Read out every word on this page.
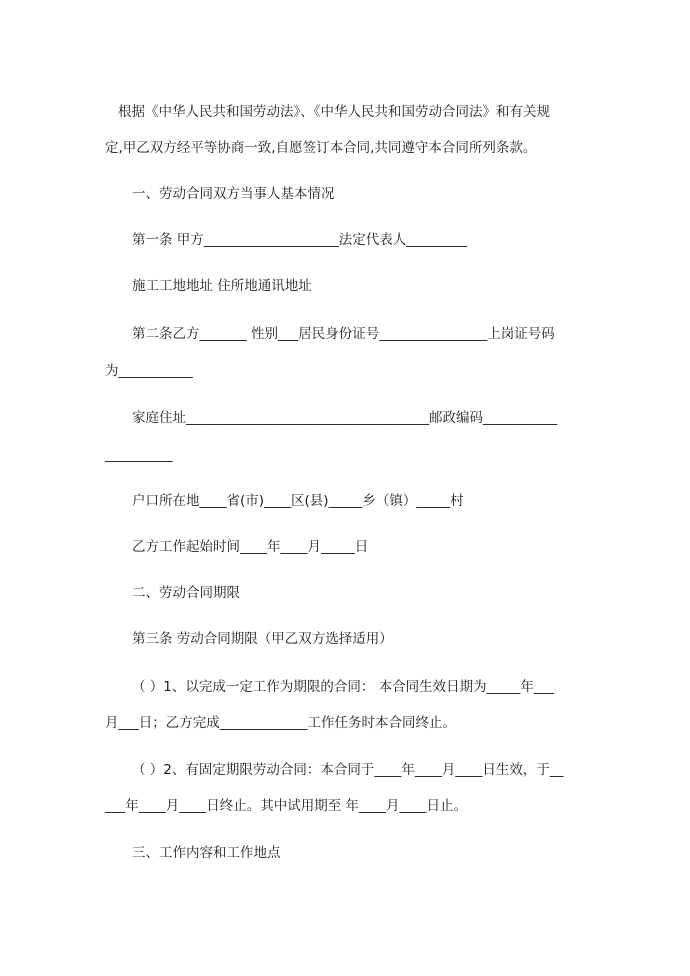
根据《中华人民共和国劳动法》、《中华人民共和国劳动合同法》和有关规
定,甲乙双方经平等协商一致,自愿签订本合同,共同遵守本合同所列条款。
一、劳动合同双方当事人基本情况
第一条 甲方____________________法定代表人_________
施工工地地址 住所地通讯地址
第二条乙方_______ 性别___居民身份证号________________上岗证号码
为___________
家庭住址____________________________________邮政编码___________
__________
户口所在地____省(市)____区(县)_____乡（镇）_____村
乙方工作起始时间____年____月_____日
二、劳动合同期限
第三条 劳动合同期限（甲乙双方选择适用）
（ ）1、以完成一定工作为期限的合同： 本合同生效日期为_____年___
月___日；乙方完成_____________工作任务时本合同终止。
（ ）2、有固定期限劳动合同：本合同于____年____月____日生效，于__
___年____月____日终止。其中试用期至 年____月____日止。
三、工作内容和工作地点
